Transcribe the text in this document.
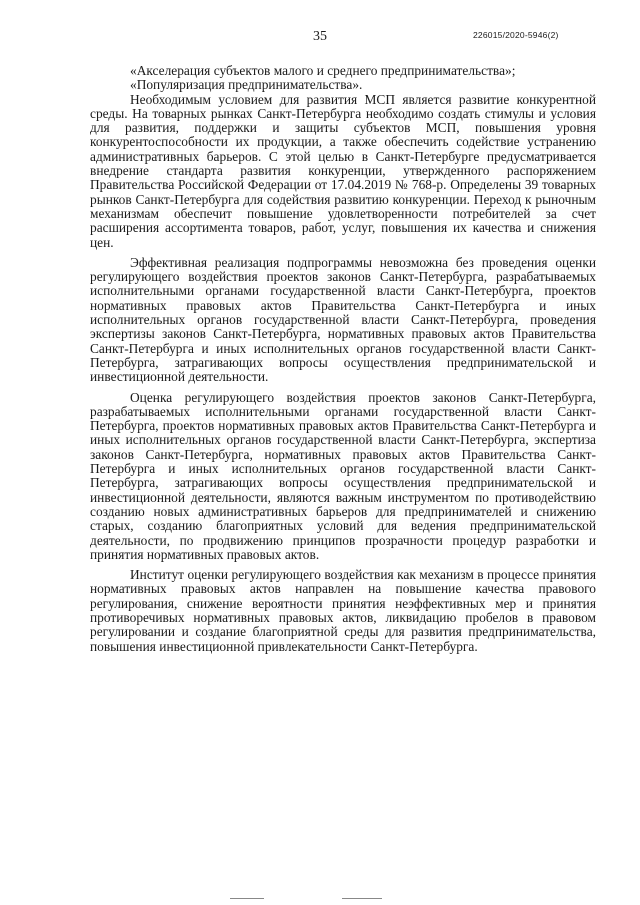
35	226015/2020-5946(2)

«Акселерация субъектов малого и среднего предпринимательства»;

«Популяризация предпринимательства».

Необходимым условием для развития МСП является развитие конкурентной среды. На товарных рынках Санкт-Петербурга необходимо создать стимулы и условия для развития, поддержки и защиты субъектов МСП, повышения уровня конкурентоспособности их продукции, а также обеспечить содействие устранению административных барьеров. С этой целью в Санкт-Петербурге предусматривается внедрение стандарта развития конкуренции, утвержденного распоряжением Правительства Российской Федерации от 17.04.2019 № 768-р. Определены 39 товарных рынков Санкт-Петербурга для содействия развитию конкуренции. Переход к рыночным механизмам обеспечит повышение удовлетворенности потребителей за счет расширения ассортимента товаров, работ, услуг, повышения их качества и снижения цен.

Эффективная реализация подпрограммы невозможна без проведения оценки регулирующего воздействия проектов законов Санкт-Петербурга, разрабатываемых исполнительными органами государственной власти Санкт-Петербурга, проектов нормативных правовых актов Правительства Санкт-Петербурга и иных исполнительных органов государственной власти Санкт-Петербурга, проведения экспертизы законов Санкт-Петербурга, нормативных правовых актов Правительства Санкт-Петербурга и иных исполнительных органов государственной власти Санкт-Петербурга, затрагивающих вопросы осуществления предпринимательской и инвестиционной деятельности.

Оценка регулирующего воздействия проектов законов Санкт-Петербурга, разрабатываемых исполнительными органами государственной власти Санкт-Петербурга, проектов нормативных правовых актов Правительства Санкт-Петербурга и иных исполнительных органов государственной власти Санкт-Петербурга, экспертиза законов Санкт-Петербурга, нормативных правовых актов Правительства Санкт-Петербурга и иных исполнительных органов государственной власти Санкт-Петербурга, затрагивающих вопросы осуществления предпринимательской и инвестиционной деятельности, являются важным инструментом по противодействию созданию новых административных барьеров для предпринимателей и снижению старых, созданию благоприятных условий для ведения предпринимательской деятельности, по продвижению принципов прозрачности процедур разработки и принятия нормативных правовых актов.

Институт оценки регулирующего воздействия как механизм в процессе принятия нормативных правовых актов направлен на повышение качества правового регулирования, снижение вероятности принятия неэффективных мер и принятия противоречивых нормативных правовых актов, ликвидацию пробелов в правовом регулировании и создание благоприятной среды для развития предпринимательства, повышения инвестиционной привлекательности Санкт-Петербурга.
